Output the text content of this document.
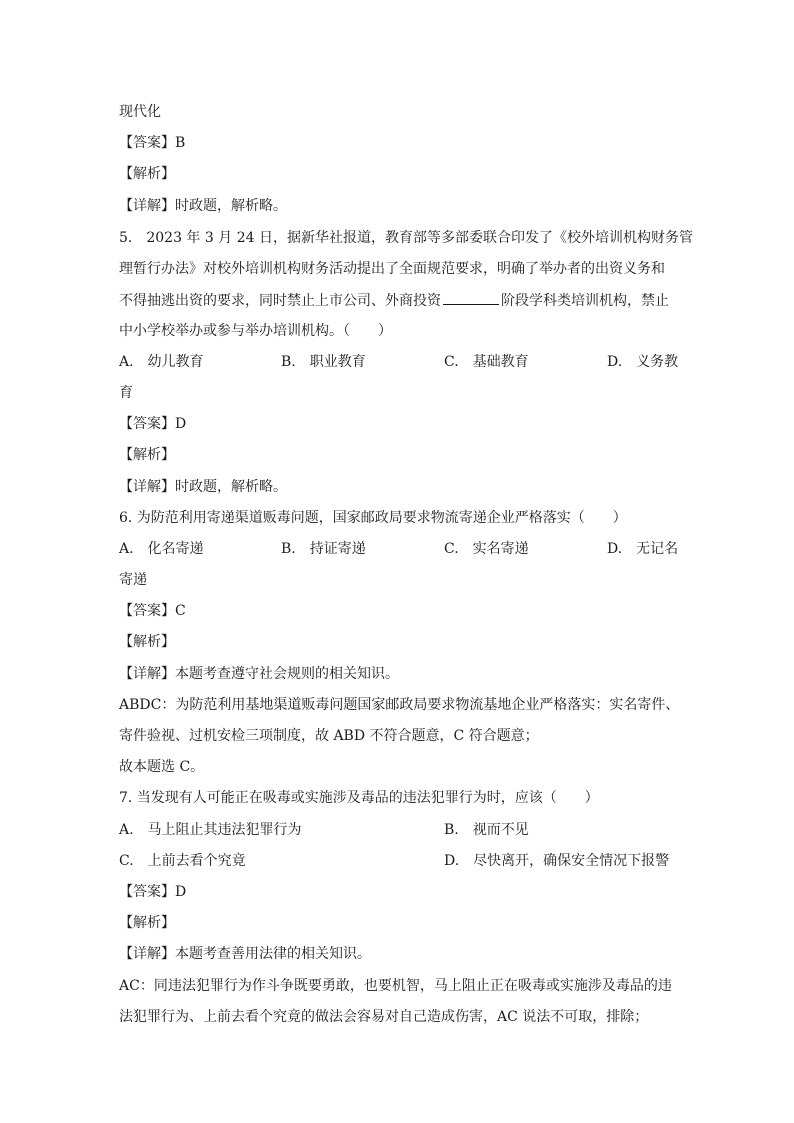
现代化
【答案】B
【解析】
【详解】时政题，解析略。
5.　2023 年 3 月 24 日，据新华社报道，教育部等多部委联合印发了《校外培训机构财务管
理暂行办法》对校外培训机构财务活动提出了全面规范要求，明确了举办者的出资义务和
不得抽逃出资的要求，同时禁止上市公司、外商投资	阶段学科类培训机构，禁止
中小学校举办或参与举办培训机构。（　　）
A.　幼儿教育	B.　职业教育	C.　基础教育	D.　义务教
育
【答案】D
【解析】
【详解】时政题，解析略。
6. 为防范利用寄递渠道贩毒问题，国家邮政局要求物流寄递企业严格落实（　　）
A.　化名寄递	B.　持证寄递	C.　实名寄递	D.　无记名
寄递
【答案】C
【解析】
【详解】本题考查遵守社会规则的相关知识。
ABDC：为防范利用基地渠道贩毒问题国家邮政局要求物流基地企业严格落实：实名寄件、
寄件验视、过机安检三项制度，故 ABD 不符合题意，C 符合题意；
故本题选 C。
7. 当发现有人可能正在吸毒或实施涉及毒品的违法犯罪行为时，应该（　　）
A.　马上阻止其违法犯罪行为	B.　视而不见
C.　上前去看个究竟	D.　尽快离开，确保安全情况下报警
【答案】D
【解析】
【详解】本题考查善用法律的相关知识。
AC：同违法犯罪行为作斗争既要勇敢，也要机智，马上阻止正在吸毒或实施涉及毒品的违
法犯罪行为、上前去看个究竟的做法会容易对自己造成伤害，AC 说法不可取，排除；
